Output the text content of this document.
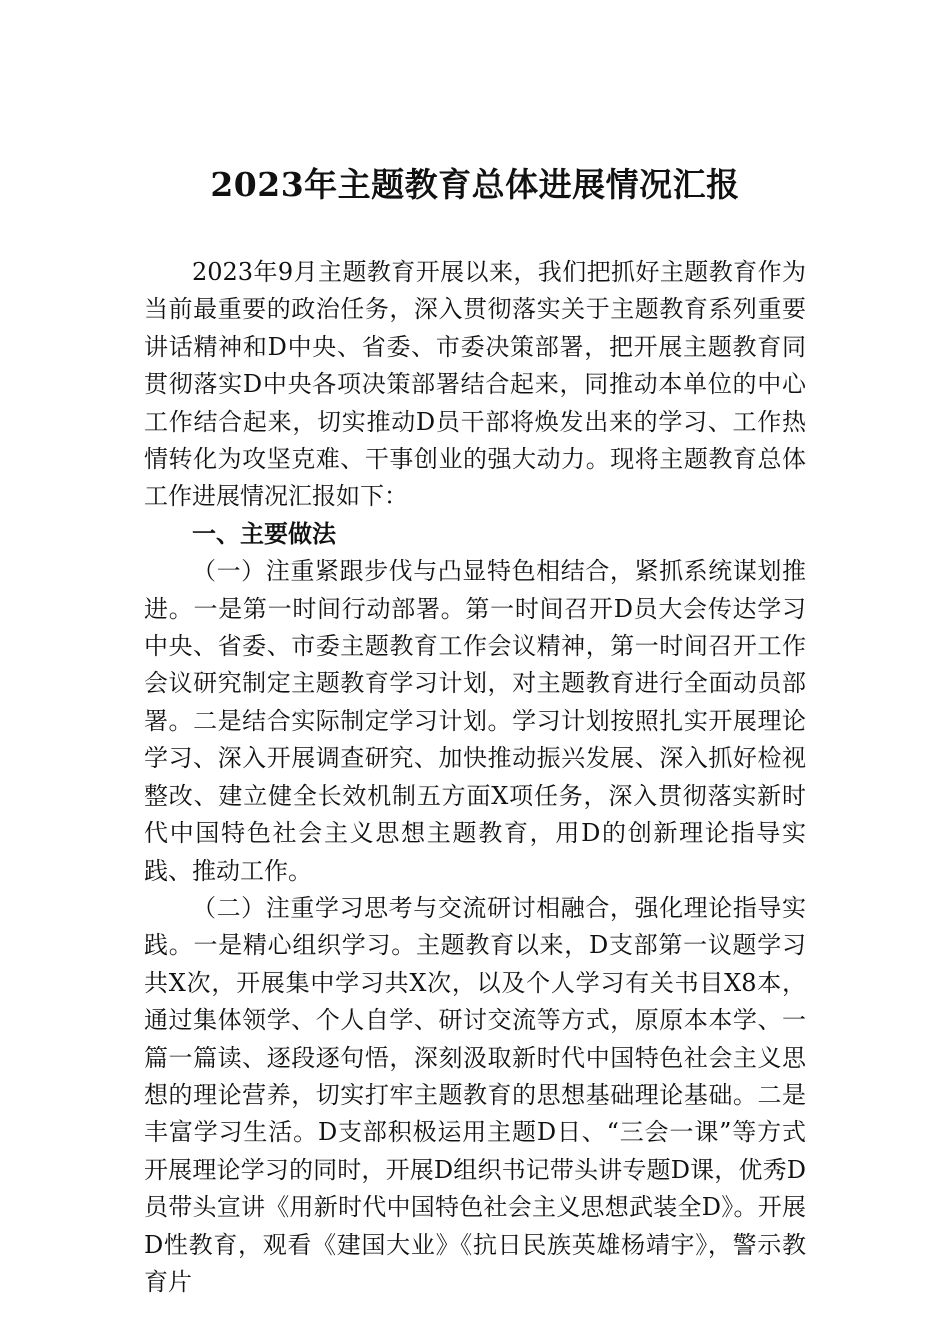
2023年主题教育总体进展情况汇报

2023年9月主题教育开展以来，我们把抓好主题教育作为当前最重要的政治任务，深入贯彻落实关于主题教育系列重要讲话精神和D中央、省委、市委决策部署，把开展主题教育同贯彻落实D中央各项决策部署结合起来，同推动本单位的中心工作结合起来，切实推动D员干部将焕发出来的学习、工作热情转化为攻坚克难、干事创业的强大动力。现将主题教育总体工作进展情况汇报如下：

一、主要做法

（一）注重紧跟步伐与凸显特色相结合，紧抓系统谋划推进。一是第一时间行动部署。第一时间召开D员大会传达学习中央、省委、市委主题教育工作会议精神，第一时间召开工作会议研究制定主题教育学习计划，对主题教育进行全面动员部署。二是结合实际制定学习计划。学习计划按照扎实开展理论学习、深入开展调查研究、加快推动振兴发展、深入抓好检视整改、建立健全长效机制五方面X项任务，深入贯彻落实新时代中国特色社会主义思想主题教育，用D的创新理论指导实践、推动工作。

（二）注重学习思考与交流研讨相融合，强化理论指导实践。一是精心组织学习。主题教育以来，D支部第一议题学习共X次，开展集中学习共X次，以及个人学习有关书目X8本，通过集体领学、个人自学、研讨交流等方式，原原本本学、一篇一篇读、逐段逐句悟，深刻汲取新时代中国特色社会主义思想的理论营养，切实打牢主题教育的思想基础理论基础。二是丰富学习生活。D支部积极运用主题D日、“三会一课”等方式开展理论学习的同时，开展D组织书记带头讲专题D课，优秀D员带头宣讲《用新时代中国特色社会主义思想武装全D》。开展D性教育，观看《建国大业》《抗日民族英雄杨靖宇》，警示教育片
